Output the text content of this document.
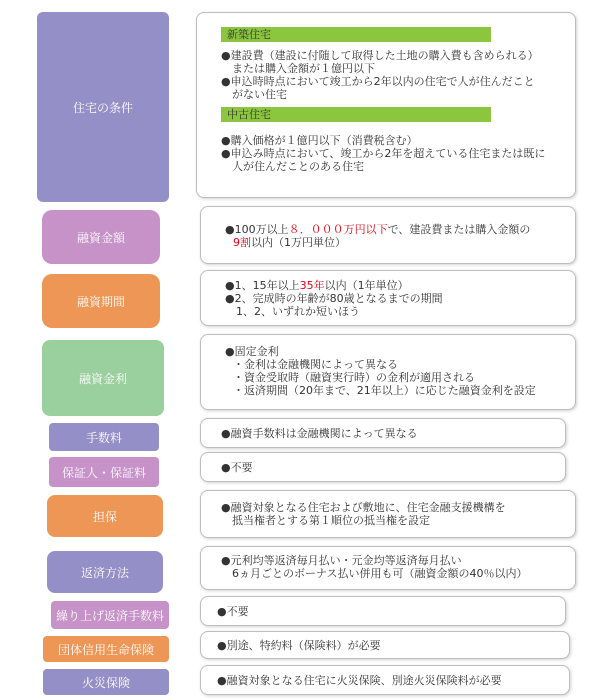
住宅の条件
新築住宅
●建設費（建設に付随して取得した土地の購入費も含められる）
　または購入金額が１億円以下
●申込時時点において竣工から2年以内の住宅で人が住んだこと
　がない住宅
中古住宅
●購入価格が１億円以下（消費税含む）
●申込み時点において、竣工から2年を超えている住宅または既に
　人が住んだことのある住宅
融資金額
●100万以上８．０００万円以下で、建設費または購入金額の
9割以内（1万円単位）
融資期間
●1、15年以上35年以内（1年単位）
●2、完成時の年齢が80歳となるまでの期間
　1、2、いずれか短いほう
融資金利
●固定金利
・金利は金融機関によって異なる
・資金受取時（融資実行時）の金利が適用される
・返済期間（20年まで、21年以上）に応じた融資金利を設定
手数料	●融資手数料は金融機関によって異なる
保証人・保証料	●不要
担保
●融資対象となる住宅および敷地に、住宅金融支援機構を
　抵当権者とする第１順位の抵当権を設定
返済方法
●元利均等返済毎月払い・元金均等返済毎月払い
　6ヵ月ごとのボーナス払い併用も可（融資金額の40％以内）
繰り上げ返済手数料	●不要
団体信用生命保険	●別途、特約料（保険料）が必要
火災保険	●融資対象となる住宅に火災保険、別途火災保険料が必要
